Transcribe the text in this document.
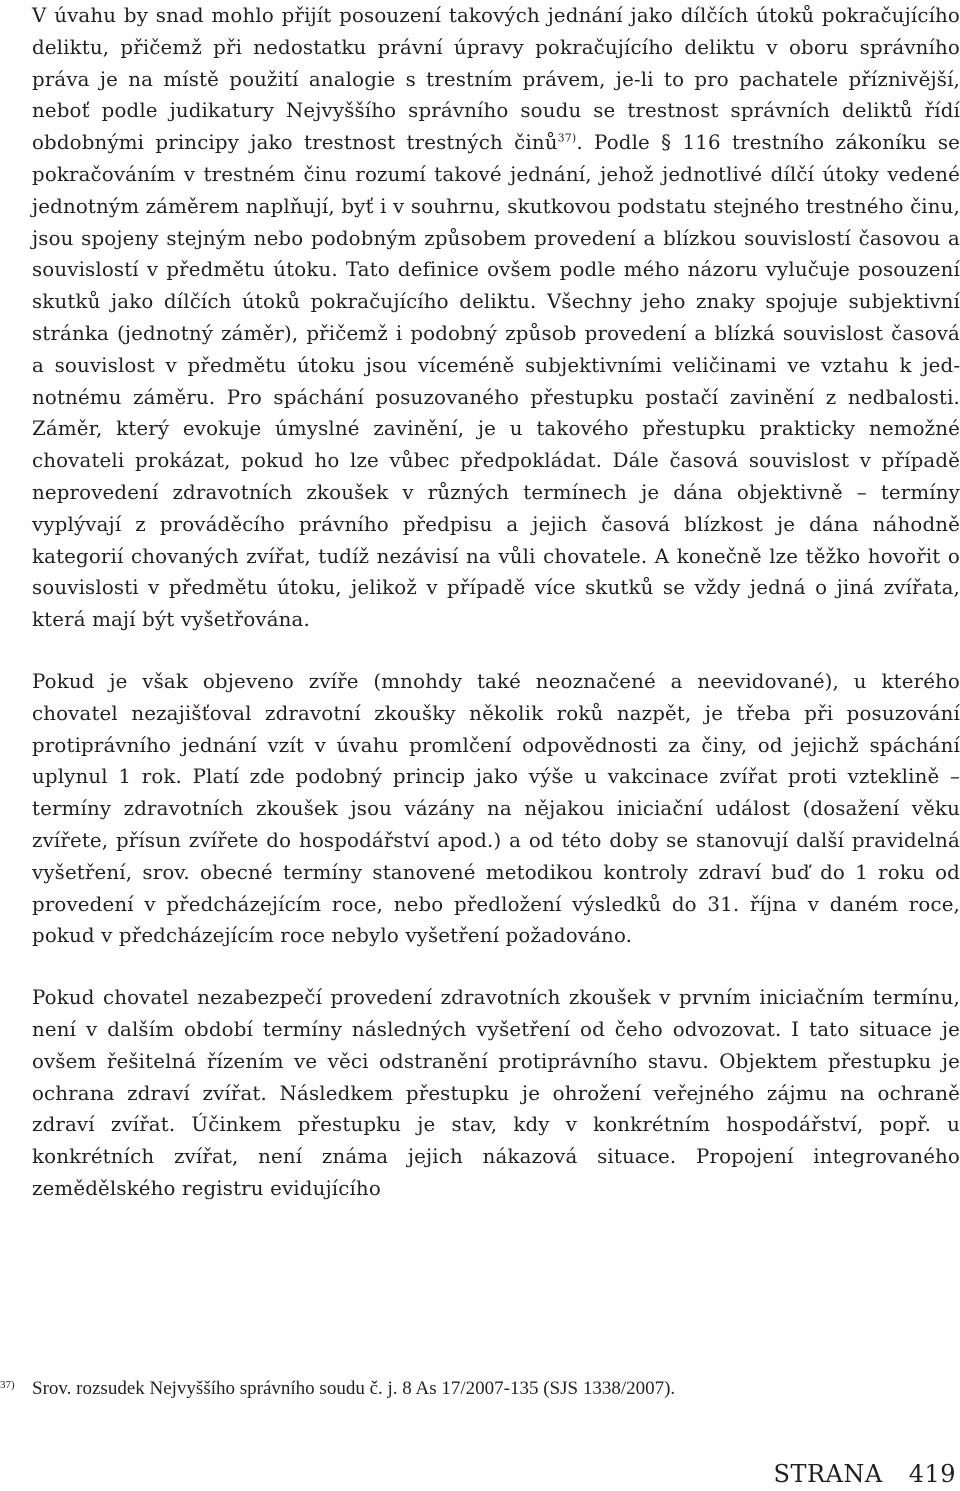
V úvahu by snad mohlo přijít posouzení takových jednání jako dílčích útoků pokračujícího deliktu, přičemž při nedostatku právní úpravy pokračujícího deliktu v oboru správního práva je na místě použití analogie s trestním právem, je-li to pro pachatele příznivější, neboť podle judikatury Nejvyššího správního soudu se trestnost správních deliktů řídí obdobnými principy jako trestnost trestných činů$^{37)}$. Podle § 116 trestního zákoníku se pokračováním v trestném činu rozumí takové jednání, jehož jednotlivé dílčí útoky vedené jednotným záměrem naplňují, byť i v souhrnu, skutkovou podstatu stejného trestného činu, jsou spojeny stejným nebo podobným způsobem provedení a blízkou souvislostí časovou a souvislostí v předmětu útoku. Tato definice ovšem podle mého názoru vylučuje posouzení skutků jako dílčích útoků pokračujícího deliktu. Všechny jeho znaky spojuje subjektivní stránka (jednotný záměr), přičemž i podobný způsob provedení a blízká souvislost časová a souvislost v předmětu útoku jsou víceméně subjektivními veličinami ve vztahu k jednotnému záměru. Pro spáchání posuzovaného přestupku postačí zavinění z nedbalosti. Záměr, který evokuje úmyslné zavinění, je u takového přestupku prakticky nemožné chovateli prokázat, pokud ho lze vůbec předpokládat. Dále časová souvislost v případě neprovedení zdravotních zkoušek v různých termínech je dána objektivně – termíny vyplývají z prováděcího právního předpisu a jejich časová blízkost je dána náhodně kategorií chovaných zvířat, tudíž nezávisí na vůli chovatele. A konečně lze těžko hovořit o souvislosti v předmětu útoku, jelikož v případě více skutků se vždy jedná o jiná zvířata, která mají být vyšetřována.

Pokud je však objeveno zvíře (mnohdy také neoznačené a neevidované), u kterého chovatel nezajišťoval zdravotní zkoušky několik roků nazpět, je třeba při posuzování protiprávního jednání vzít v úvahu promlčení odpovědnosti za činy, od jejichž spáchání uplynul 1 rok. Platí zde podobný princip jako výše u vakcinace zvířat proti vzteklině – termíny zdravotních zkoušek jsou vázány na nějakou iniciační událost (dosažení věku zvířete, přísun zvířete do hospodářství apod.) a od této doby se stanovují další pravidelná vyšetření, srov. obecné termíny stanovené metodikou kontroly zdraví buď do 1 roku od provedení v předcházejícím roce, nebo předložení výsledků do 31. října v daném roce, pokud v předcházejícím roce nebylo vyšetření požadováno.

Pokud chovatel nezabezpečí provedení zdravotních zkoušek v prvním iniciačním termínu, není v dalším období termíny následných vyšetření od čeho odvozovat. I tato situace je ovšem řešitelná řízením ve věci odstranění protiprávního stavu. Objektem přestupku je ochrana zdraví zvířat. Následkem přestupku je ohrožení veřejného zájmu na ochraně zdraví zvířat. Účinkem přestupku je stav, kdy v konkrétním hospodářství, popř. u konkrétních zvířat, není známa jejich nákazová situace. Propojení integrovaného zemědělského registru evidujícího

37) Srov. rozsudek Nejvyššího správního soudu č. j. 8 As 17/2007-135 (SJS 1338/2007).
STRANA 419
